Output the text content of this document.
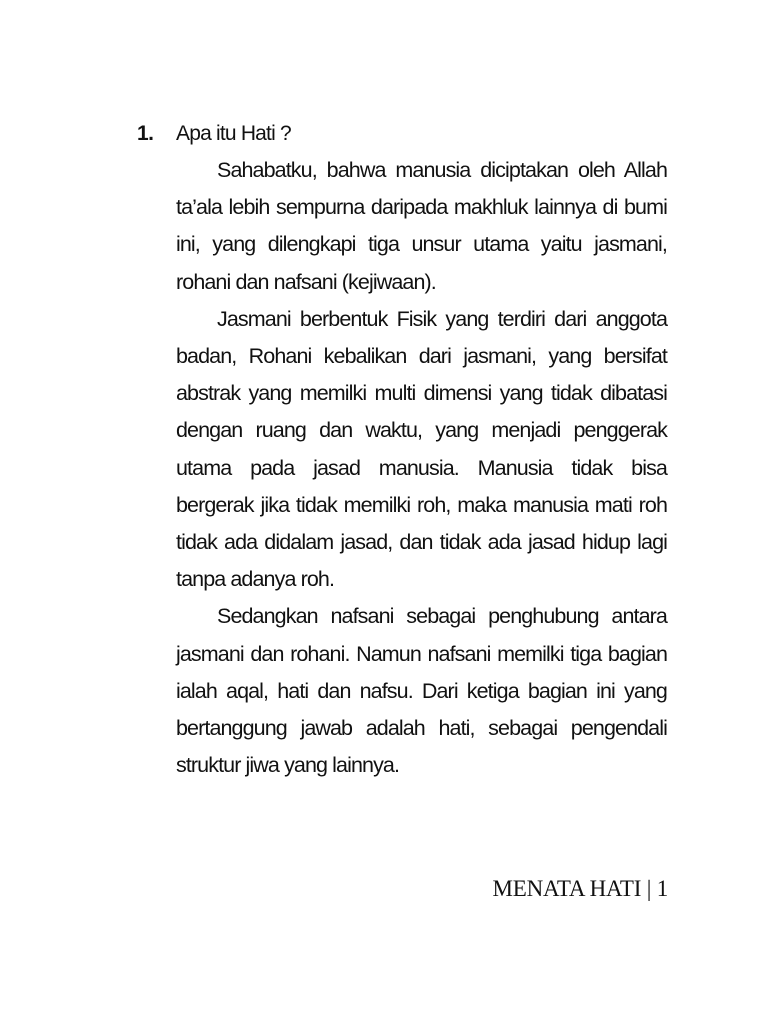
1. Apa itu Hati ?

Sahabatku, bahwa manusia diciptakan oleh Allah ta’ala lebih sempurna daripada makhluk lainnya di bumi ini, yang dilengkapi tiga unsur utama yaitu jasmani, rohani dan nafsani (kejiwaan).

Jasmani berbentuk Fisik yang terdiri dari anggota badan, Rohani kebalikan dari jasmani, yang bersifat abstrak yang memilki multi dimensi yang tidak dibatasi dengan ruang dan waktu, yang menjadi penggerak utama pada jasad manusia. Manusia tidak bisa bergerak jika tidak memilki roh, maka manusia mati roh tidak ada didalam jasad, dan tidak ada jasad hidup lagi tanpa adanya roh.

Sedangkan nafsani sebagai penghubung antara jasmani dan rohani. Namun nafsani memilki tiga bagian ialah aqal, hati dan nafsu. Dari ketiga bagian ini yang bertanggung jawab adalah hati, sebagai pengendali struktur jiwa yang lainnya.

MENATA HATI | 1
